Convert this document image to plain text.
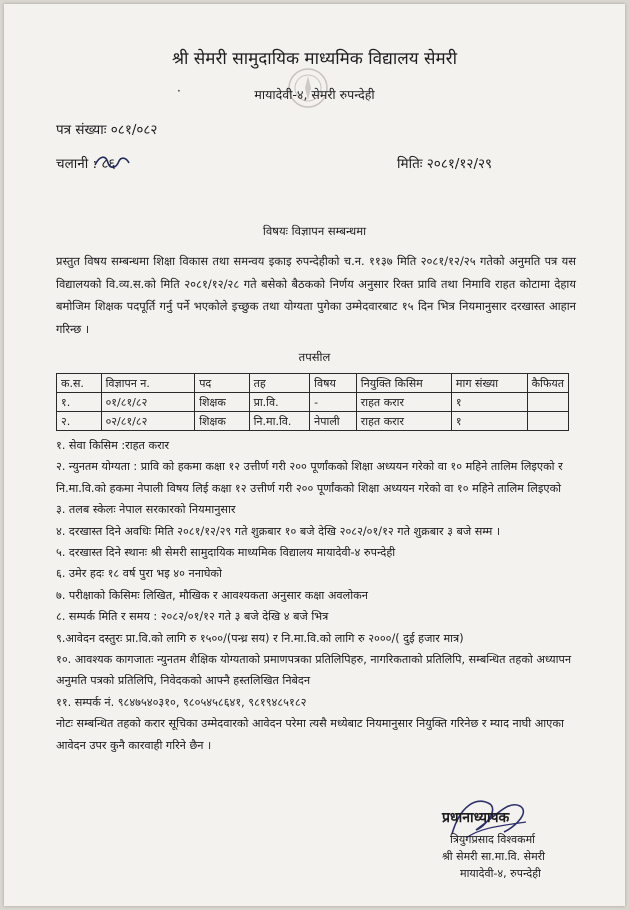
श्री सेमरी सामुदायिक माध्यमिक विद्यालय सेमरी
·	मायादेवी-४, सेमरी रुपन्देही
पत्र संख्याः ०८१/०८२
चलानी : ८६	मितिः २०८१/१२/२९
विषयः विज्ञापन सम्बन्धमा
प्रस्तुत विषय सम्बन्धमा शिक्षा विकास तथा समन्वय इकाइ रुपन्देहीको च.न. ११३७ मिति २०८१/१२/२५ गतेको अनुमति पत्र यस विद्यालयको वि.व्य.स.को मिति २०८१/१२/२८ गते बसेको बैठकको निर्णय अनुसार रिक्त प्रावि तथा निमावि राहत कोटामा देहाय बमोजिम शिक्षक पदपूर्ति गर्नु पर्ने भएकोले इच्छुक तथा योग्यता पुगेका उम्मेदवारबाट १५ दिन भित्र नियमानुसार दरखास्त आहान गरिन्छ ।
तपसील
क.स.	विज्ञापन न.	पद	तह	विषय	नियुक्ति किसिम	माग संख्या	कैफियत
१.	०१/८१/८२	शिक्षक	प्रा.वि.	-	राहत करार	१	
२.	०२/८१/८२	शिक्षक	नि.मा.वि.	नेपाली	राहत करार	१	

१. सेवा किसिम :राहत करार

२. न्युनतम योग्यता : प्रावि को हकमा कक्षा १२ उत्तीर्ण गरी २०० पूर्णांकको शिक्षा अध्ययन गरेको वा १० महिने तालिम लिइएको र नि.मा.वि.को हकमा नेपाली विषय लिई कक्षा १२ उत्तीर्ण गरी २०० पूर्णांकको शिक्षा अध्ययन गरेको वा १० महिने तालिम लिइएको

३. तलब स्केलः नेपाल सरकारको नियमानुसार

४. दरखास्त दिने अवधिः मिति २०८१/१२/२९ गते शुक्रबार १० बजे देखि २०८२/०१/१२ गते शुक्रबार ३ बजे सम्म ।

५. दरखास्त दिने स्थानः श्री सेमरी सामुदायिक माध्यमिक विद्यालय मायादेवी-४ रुपन्देही

६. उमेर हदः १८ वर्ष पुरा भइ ४० ननाघेको

७. परीक्षाको किसिमः लिखित, मौखिक र आवश्यकता अनुसार कक्षा अवलोकन

८. सम्पर्क मिति र समय : २०८२/०१/१२ गते ३ बजे देखि ४ बजे भित्र

९.आवेदन दस्तुरः प्रा.वि.को लागि रु १५००/(पन्ध्र सय) र नि.मा.वि.को लागि रु २०००/( दुई हजार मात्र)

१०. आवश्यक कागजातः न्युनतम शैक्षिक योग्यताको प्रमाणपत्रका प्रतिलिपिहरु, नागरिकताको प्रतिलिपि, सम्बन्धित तहको अध्यापन अनुमति पत्रको प्रतिलिपि, निवेदकको आफ्नै हस्तलिखित निबेदन

११. सम्पर्क नं. ९८४७५४०३१०, ९८०५४५८६४१, ९८१९४८५१८२

नोटः सम्बन्धित तहको करार सूचिका उम्मेदवारको आवेदन परेमा त्यसै मध्येबाट नियमानुसार नियुक्ति गरिनेछ र म्याद नाघी आएका आवेदन उपर कुनै कारवाही गरिने छैन ।

प्रधानाध्यापक
त्रियुगप्रसाद विश्वकर्मा
श्री सेमरी सा.मा.वि. सेमरी
मायादेवी-४, रुपन्देही
